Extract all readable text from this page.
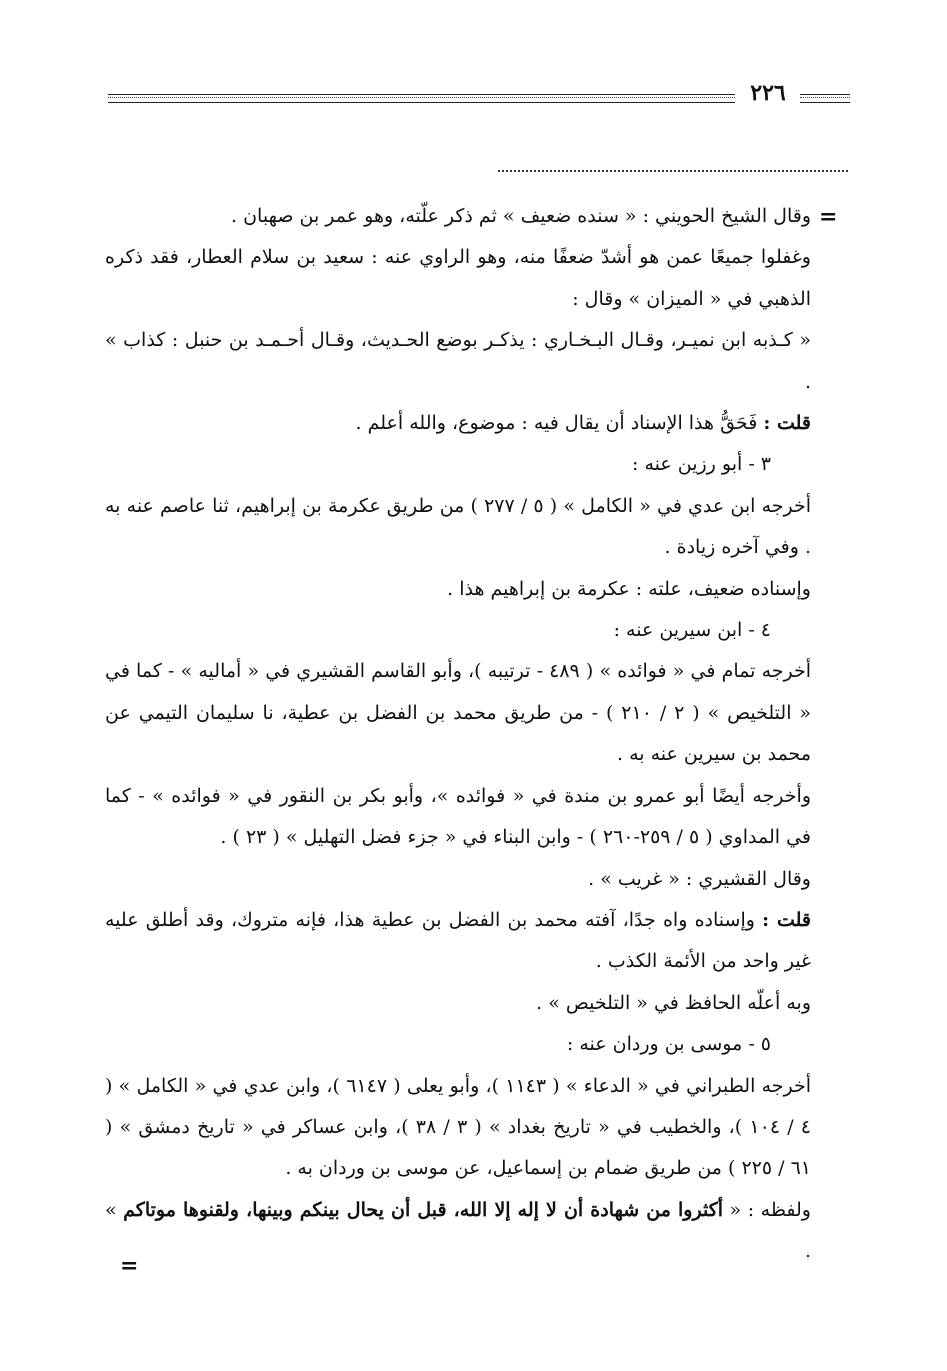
٢٢٦
=

وقال الشيخ الحويني : « سنده ضعيف » ثم ذكر علّته، وهو عمر بن صهبان .

وغفلوا جميعًا عمن هو أشدّ ضعفًا منه، وهو الراوي عنه : سعيد بن سلام العطار، فقد ذكره الذهبي في « الميزان » وقال :

« كـذبه ابن نميـر، وقـال البـخـاري : يذكـر بوضع الحـديث، وقـال أحـمـد بن حنبل : كذاب » .

قلت : فَحَقُّ هذا الإسناد أن يقال فيه : موضوع، والله أعلم .

٣ - أبو رزين عنه :

أخرجه ابن عدي في « الكامل » ( ٥ / ٢٧٧ ) من طريق عكرمة بن إبراهيم، ثنا عاصم عنه به . وفي آخره زيادة .

وإسناده ضعيف، علته : عكرمة بن إبراهيم هذا .

٤ - ابن سيرين عنه :

أخرجه تمام في « فوائده » ( ٤٨٩ - ترتيبه )، وأبو القاسم القشيري في « أماليه » - كما في « التلخيص » ( ٢ / ٢١٠ ) - من طريق محمد بن الفضل بن عطية، نا سليمان التيمي عن محمد بن سيرين عنه به .

وأخرجه أيضًا أبو عمرو بن مندة في « فوائده »، وأبو بكر بن النقور في « فوائده » - كما في المداوي ( ٥ / ٢٥٩-٢٦٠ ) - وابن البناء في « جزء فضل التهليل » ( ٢٣ ) .

وقال القشيري : « غريب » .

قلت : وإسناده واه جدًا، آفته محمد بن الفضل بن عطية هذا، فإنه متروك، وقد أطلق عليه غير واحد من الأئمة الكذب .

وبه أعلّه الحافظ في « التلخيص » .

٥ - موسى بن وردان عنه :

أخرجه الطبراني في « الدعاء » ( ١١٤٣ )، وأبو يعلى ( ٦١٤٧ )، وابن عدي في « الكامل » ( ٤ / ١٠٤ )، والخطيب في « تاريخ بغداد » ( ٣ / ٣٨ )، وابن عساكر في « تاريخ دمشق » ( ٦١ / ٢٢٥ ) من طريق ضمام بن إسماعيل، عن موسى بن وردان به .

ولفظه : « أكثروا من شهادة أن لا إله إلا الله، قبل أن يحال بينكم وبينها، ولقنوها موتاكم » .

=
